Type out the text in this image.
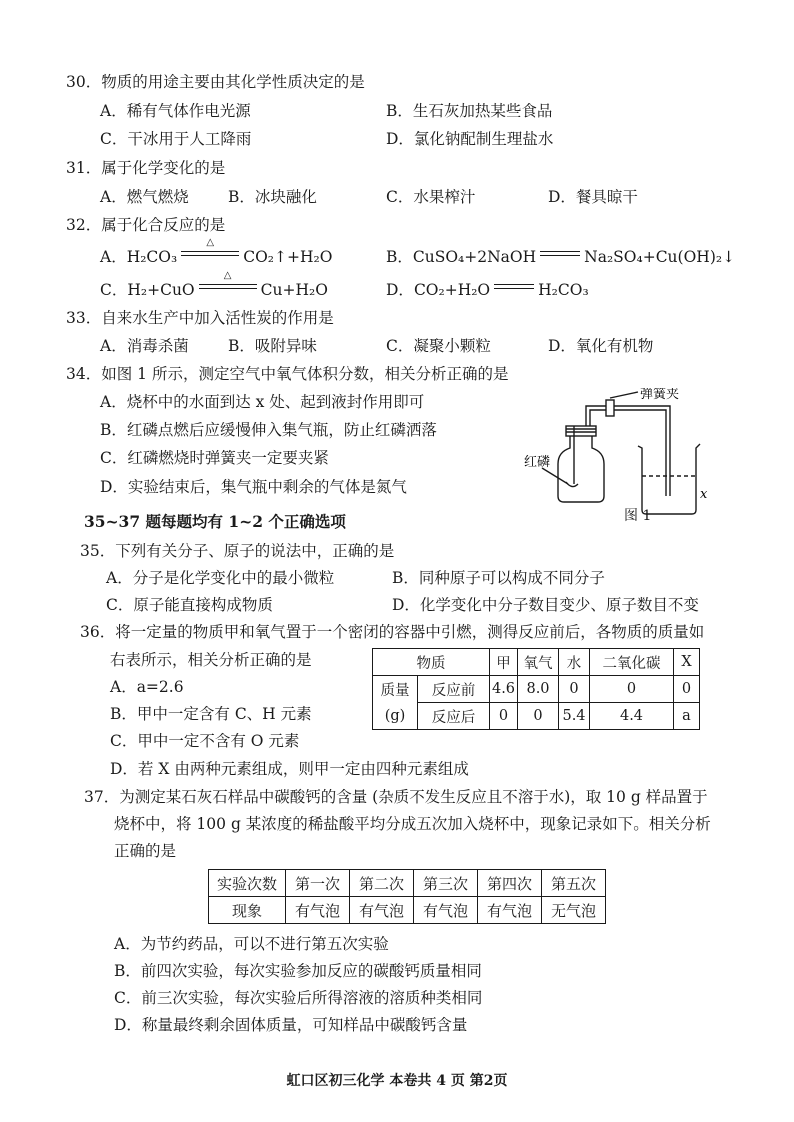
30．物质的用途主要由其化学性质决定的是
A．稀有气体作电光源	B．生石灰加热某些食品
C．干冰用于人工降雨	D．氯化钠配制生理盐水
31．属于化学变化的是
A．燃气燃烧	B．冰块融化	C．水果榨汁	D．餐具晾干
32．属于化合反应的是
A．H₂CO₃
△
CO₂↑+H₂O	B．CuSO₄+2NaOH	Na₂SO₄+Cu(OH)₂↓
C．H₂+CuO
△
Cu+H₂O	D．CO₂+H₂O	H₂CO₃
33．自来水生产中加入活性炭的作用是
A．消毒杀菌	B．吸附异味	C．凝聚小颗粒	D．氧化有机物
34．如图 1 所示，测定空气中氧气体积分数，相关分析正确的是
A．烧杯中的水面到达 x 处、起到液封作用即可
B．红磷点燃后应缓慢伸入集气瓶，防止红磷洒落
C．红磷燃烧时弹簧夹一定要夹紧
D．实验结束后，集气瓶中剩余的气体是氮气
弹簧夹
红磷
x
图 1
35~37 题每题均有 1~2 个正确选项
35．下列有关分子、原子的说法中，正确的是
A．分子是化学变化中的最小微粒	B．同种原子可以构成不同分子
C．原子能直接构成物质	D．化学变化中分子数目变少、原子数目不变
36．将一定量的物质甲和氧气置于一个密闭的容器中引燃，测得反应前后，各物质的质量如
右表所示，相关分析正确的是
A．a=2.6
B．甲中一定含有 C、H 元素
C．甲中一定不含有 O 元素
D．若 X 由两种元素组成，则甲一定由四种元素组成
物质		甲	氧气	水	二氧化碳	X
质量	反应前	4.6	8.0	0	0	0
(g)	反应后	0	0	5.4	4.4	a
37．为测定某石灰石样品中碳酸钙的含量 (杂质不发生反应且不溶于水)，取 10 g 样品置于
烧杯中，将 100 g 某浓度的稀盐酸平均分成五次加入烧杯中，现象记录如下。相关分析
正确的是
实验次数	第一次	第二次	第三次	第四次	第五次
现象	有气泡	有气泡	有气泡	有气泡	无气泡
A．为节约药品，可以不进行第五次实验
B．前四次实验，每次实验参加反应的碳酸钙质量相同
C．前三次实验，每次实验后所得溶液的溶质种类相同
D．称量最终剩余固体质量，可知样品中碳酸钙含量
虹口区初三化学 本卷共 4 页 第2页
